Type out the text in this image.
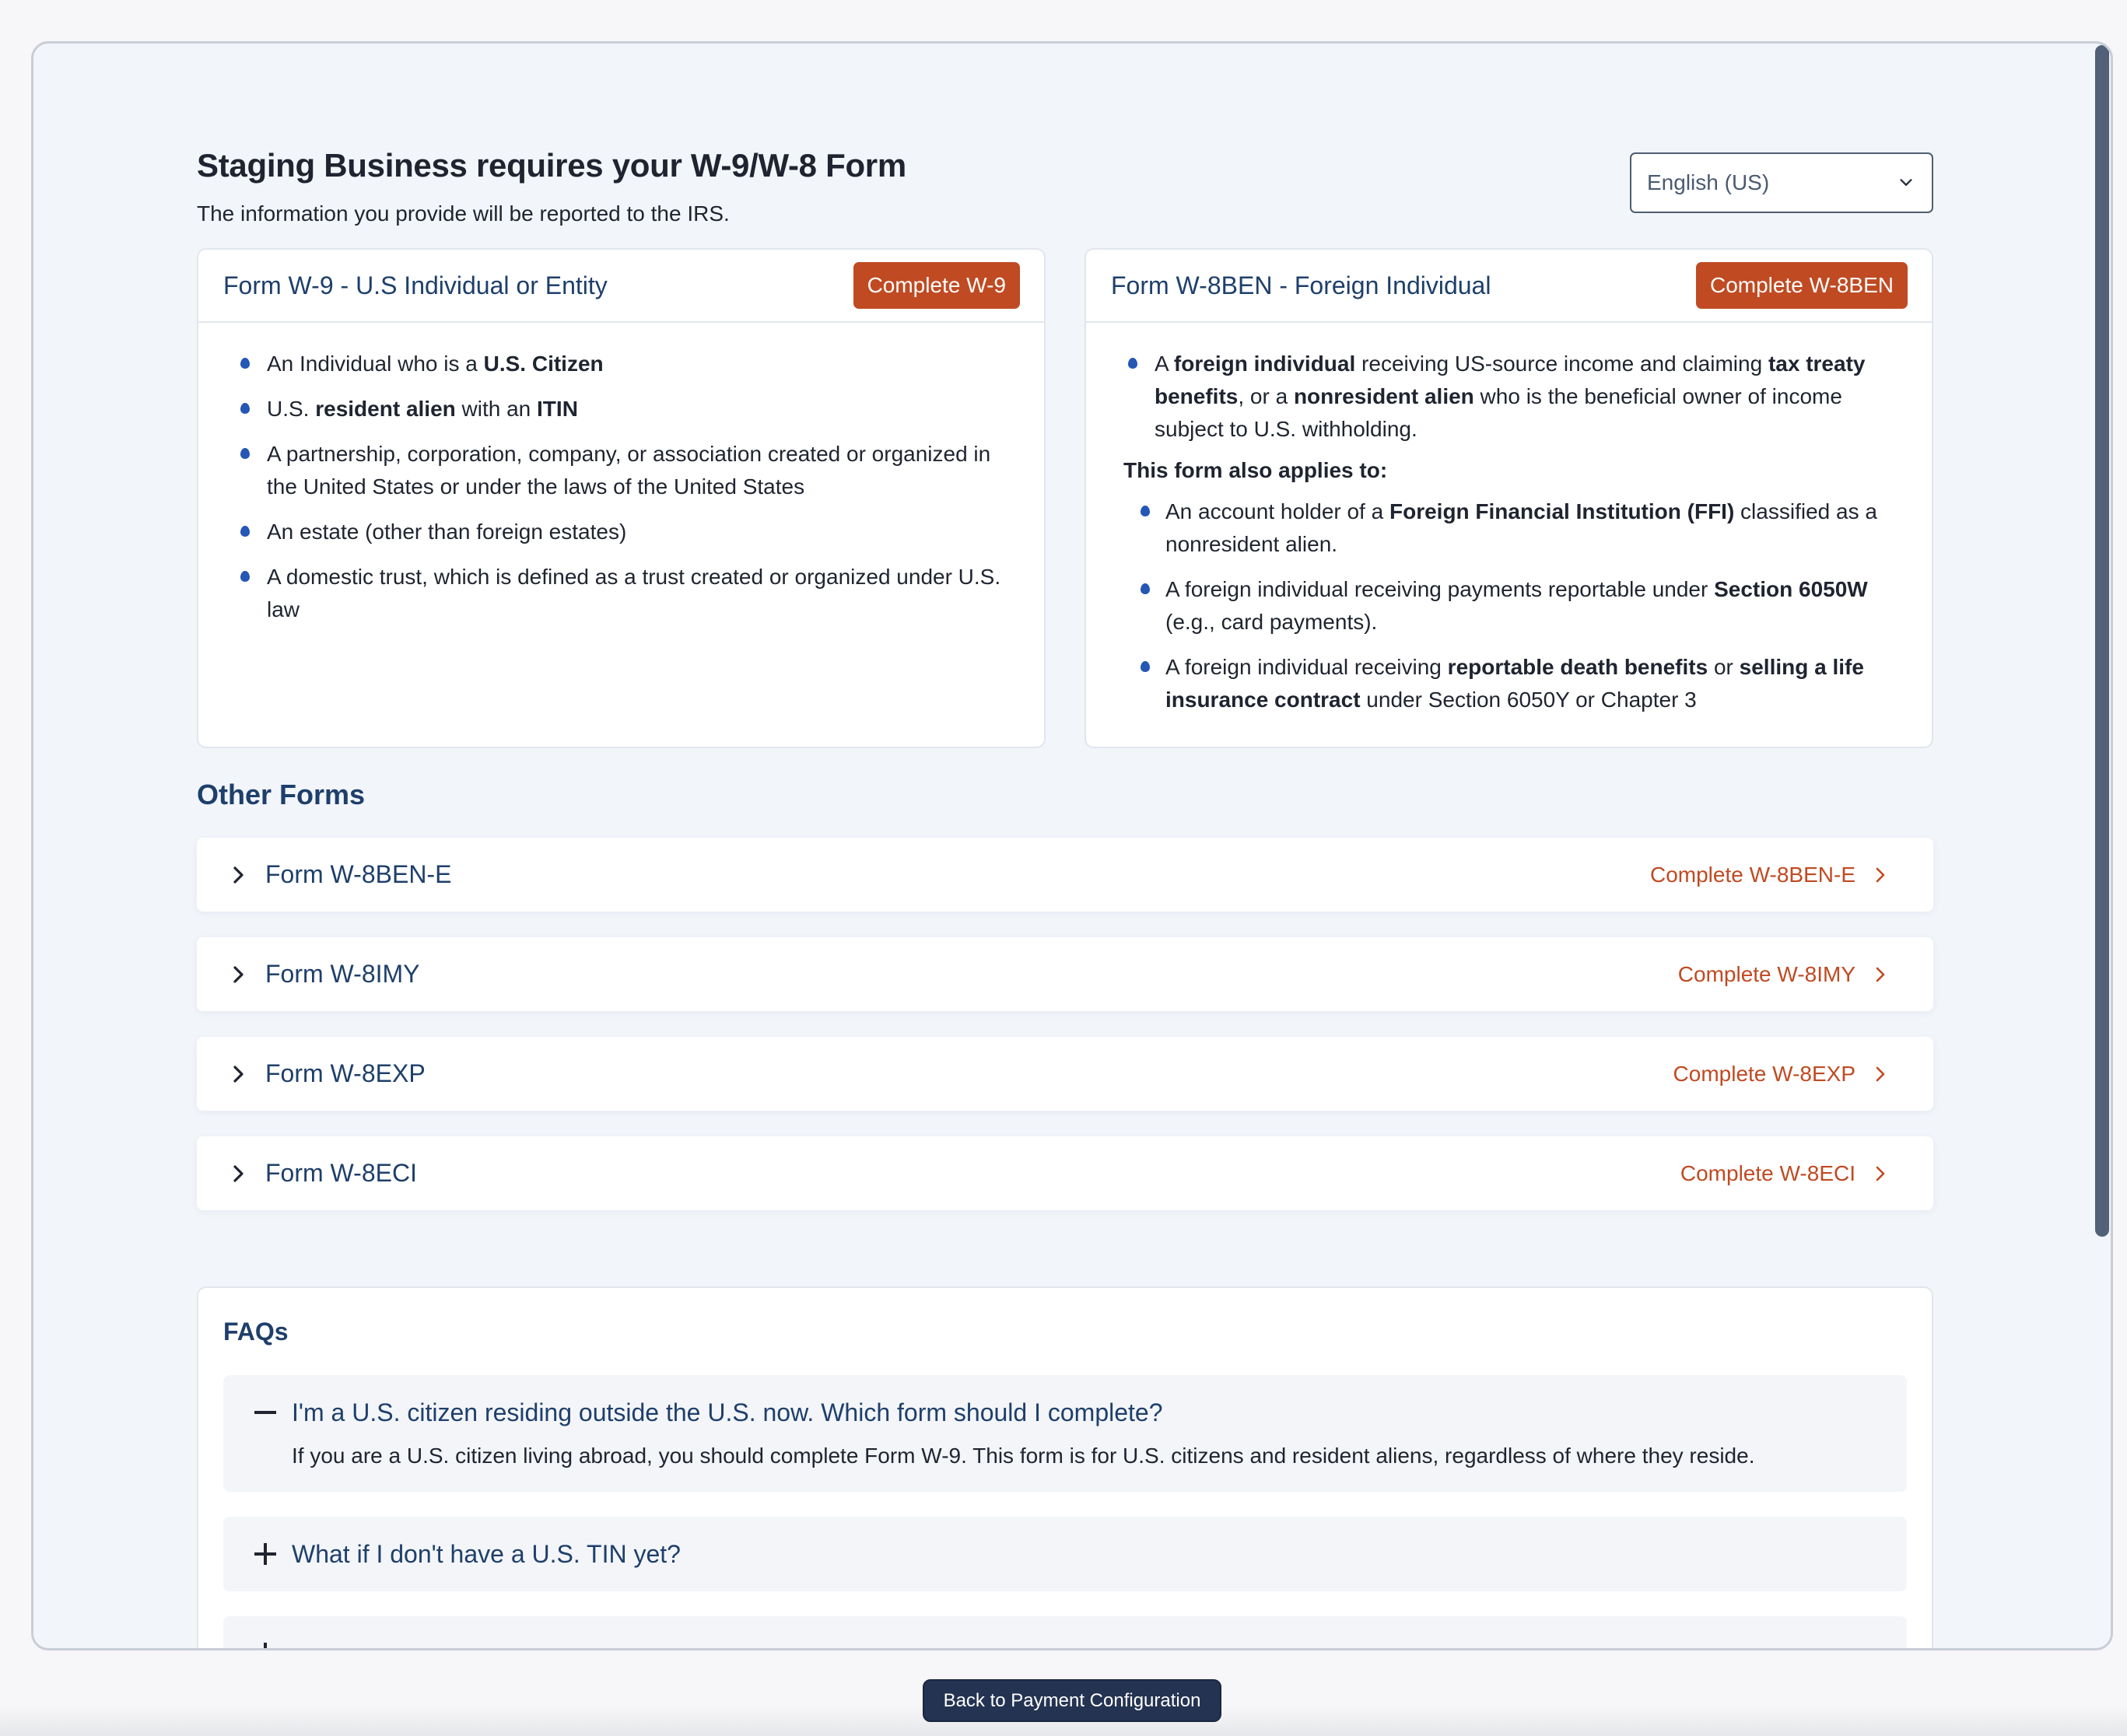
Staging Business requires your W-9/W-8 Form

The information you provide will be reported to the IRS.

English (US)
Form W-9 - U.S Individual or Entity	Complete W-9
An Individual who is a U.S. Citizen
U.S. resident alien with an ITIN
A partnership, corporation, company, or association created or organized in the United States or under the laws of the United States
An estate (other than foreign estates)
A domestic trust, which is defined as a trust created or organized under U.S. law
Form W-8BEN - Foreign Individual	Complete W-8BEN
A foreign individual receiving US-source income and claiming tax treaty benefits, or a nonresident alien who is the beneficial owner of income subject to U.S. withholding.
This form also applies to:
An account holder of a Foreign Financial Institution (FFI) classified as a nonresident alien.
A foreign individual receiving payments reportable under Section 6050W (e.g., card payments).
A foreign individual receiving reportable death benefits or selling a life insurance contract under Section 6050Y or Chapter 3
Other Forms
Form W-8BEN-E	Complete W-8BEN-E
Form W-8IMY	Complete W-8IMY
Form W-8EXP	Complete W-8EXP
Form W-8ECI	Complete W-8ECI
FAQs
I'm a U.S. citizen residing outside the U.S. now. Which form should I complete?
If you are a U.S. citizen living abroad, you should complete Form W-9. This form is for U.S. citizens and resident aliens, regardless of where they reside.
What if I don't have a U.S. TIN yet?
Back to Payment Configuration
